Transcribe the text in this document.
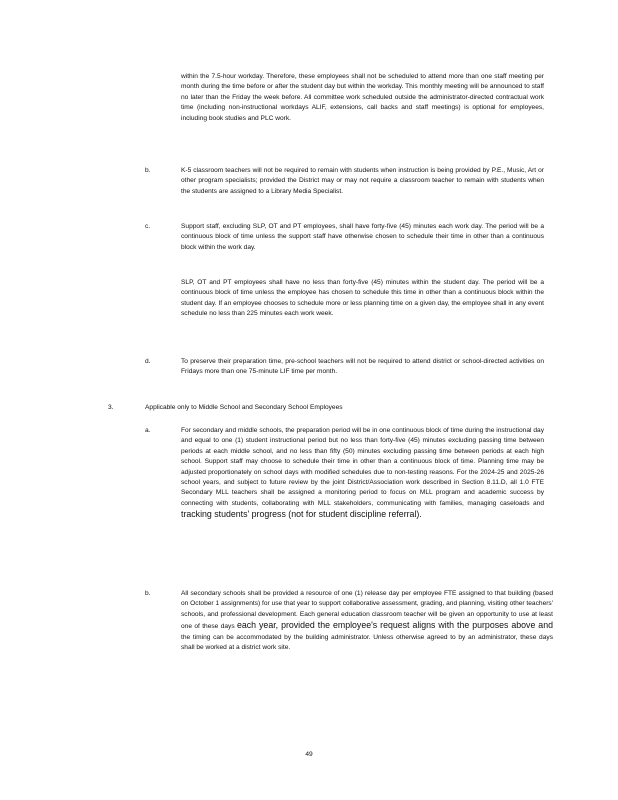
within the 7.5-hour workday. Therefore, these employees shall not be scheduled to attend more than one staff meeting per month during the time before or after the student day but within the workday. This monthly meeting will be announced to staff no later than the Friday the week before. All committee work scheduled outside the administrator-directed contractual work time (including non-instructional workdays ALIF, extensions, call backs and staff meetings) is optional for employees, including book studies and PLC work.
b.	K-5 classroom teachers will not be required to remain with students when instruction is being provided by P.E., Music, Art or other program specialists; provided the District may or may not require a classroom teacher to remain with students when the students are assigned to a Library Media Specialist.
c.	Support staff, excluding SLP, OT and PT employees, shall have forty-five (45) minutes each work day. The period will be a continuous block of time unless the support staff have otherwise chosen to schedule their time in other than a continuous block within the work day.
SLP, OT and PT employees shall have no less than forty-five (45) minutes within the student day. The period will be a continuous block of time unless the employee has chosen to schedule this time in other than a continuous block within the student day. If an employee chooses to schedule more or less planning time on a given day, the employee shall in any event schedule no less than 225 minutes each work week.
d.	To preserve their preparation time, pre-school teachers will not be required to attend district or school-directed activities on Fridays more than one 75-minute LIF time per month.
3.	Applicable only to Middle School and Secondary School Employees
a.	For secondary and middle schools, the preparation period will be in one continuous block of time during the instructional day and equal to one (1) student instructional period but no less than forty-five (45) minutes excluding passing time between periods at each middle school, and no less than fifty (50) minutes excluding passing time between periods at each high school. Support staff may choose to schedule their time in other than a continuous block of time. Planning time may be adjusted proportionately on school days with modified schedules due to non-testing reasons. For the 2024-25 and 2025-26 school years, and subject to future review by the joint District/Association work described in Section 8.11.D, all 1.0 FTE Secondary MLL teachers shall be assigned a monitoring period to focus on MLL program and academic success by connecting with students, collaborating with MLL stakeholders, communicating with families, managing caseloads and tracking students' progress (not for student discipline referral).
b.	All secondary schools shall be provided a resource of one (1) release day per employee FTE assigned to that building (based on October 1 assignments) for use that year to support collaborative assessment, grading, and planning, visiting other teachers' schools, and professional development. Each general education classroom teacher will be given an opportunity to use at least one of these days each year, provided the employee's request aligns with the purposes above and the timing can be accommodated by the building administrator. Unless otherwise agreed to by an administrator, these days shall be worked at a district work site.
49
